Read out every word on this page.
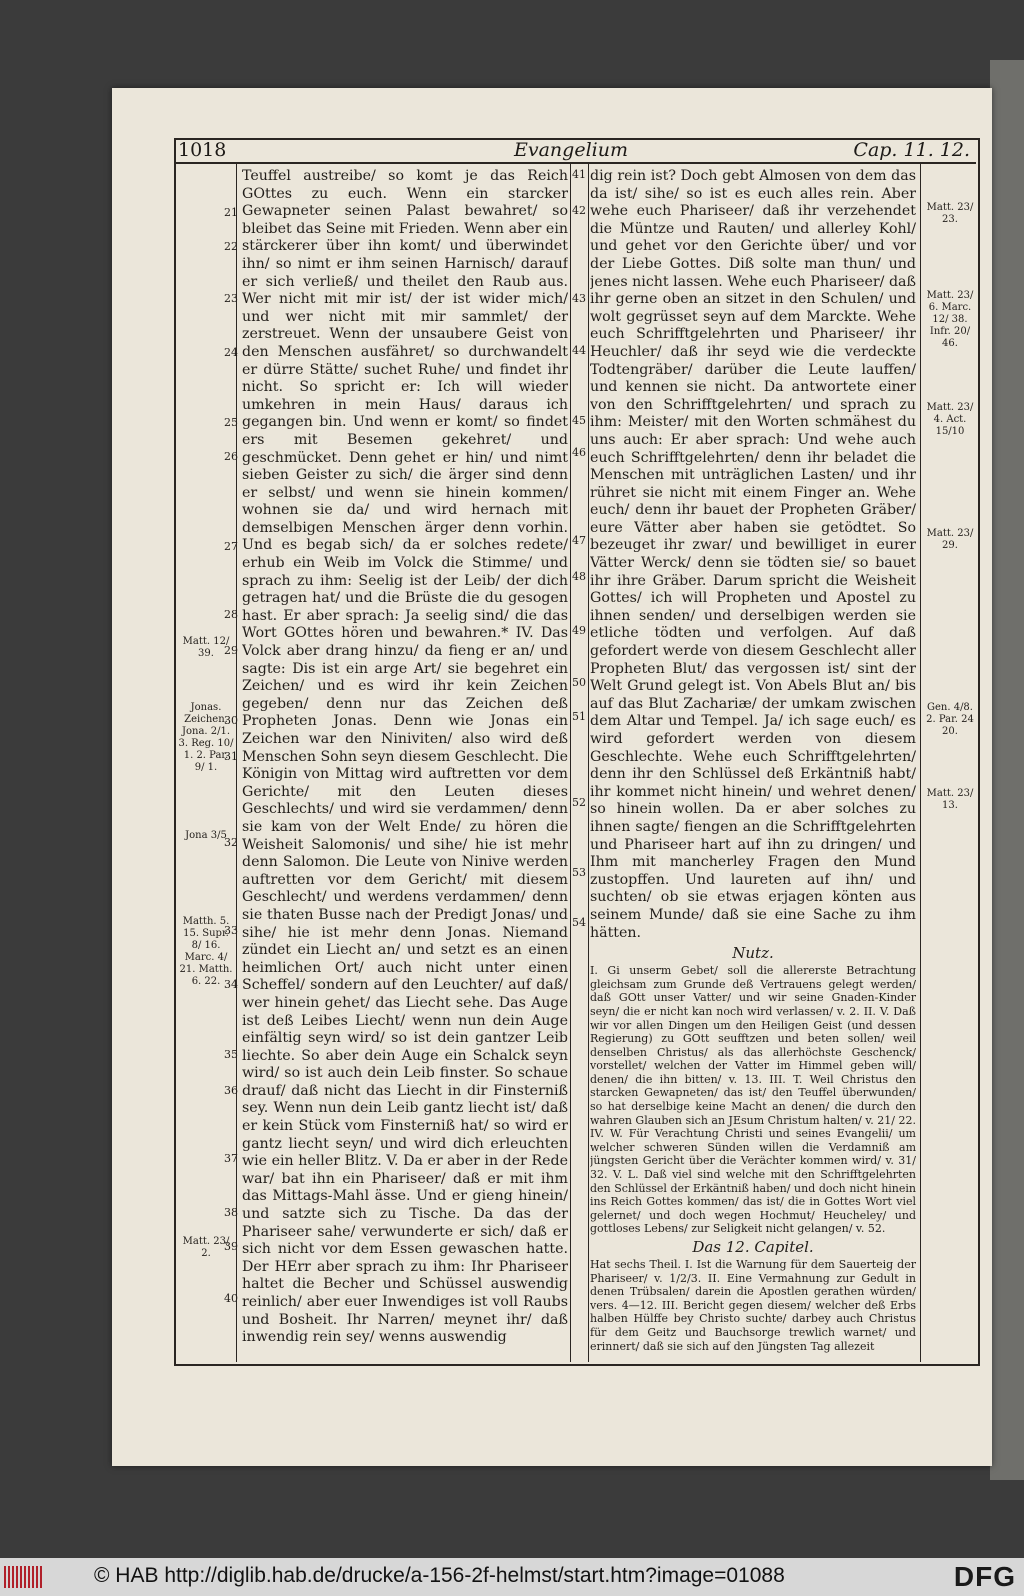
1018	Evangelium	Cap. 11. 12.
21
22
23
24
25
26
27
28
29
30
31
32
33
34
35
36
37
38
39
40
41
42
43
44
45
46
47
48
49
50
51
52
53
54
Matt. 12/ 39.
Jonas. Zeichen. Jona. 2/1. 3. Reg. 10/ 1. 2. Par. 9/ 1.
Jona 3/5
Matth. 5. 15. Supr. 8/ 16. Marc. 4/ 21. Matth. 6. 22.
Matt. 23/ 2.
Matt. 23/ 23.
Matt. 23/ 6. Marc. 12/ 38. Infr. 20/ 46.
Matt. 23/ 4. Act. 15/10
Matt. 23/ 29.
Gen. 4/8. 2. Par. 24 20.
Matt. 23/ 13.

Teuffel austreibe/ so komt je das Reich GOttes zu euch. Wenn ein starcker Gewapneter seinen Palast bewahret/ so bleibet das Seine mit Frieden. Wenn aber ein stärckerer über ihn komt/ und überwindet ihn/ so nimt er ihm seinen Harnisch/ darauf er sich verließ/ und theilet den Raub aus. Wer nicht mit mir ist/ der ist wider mich/ und wer nicht mit mir sammlet/ der zerstreuet. Wenn der unsaubere Geist von den Menschen ausfähret/ so durchwandelt er dürre Stätte/ suchet Ruhe/ und findet ihr nicht. So spricht er: Ich will wieder umkehren in mein Haus/ daraus ich gegangen bin. Und wenn er komt/ so findet ers mit Besemen gekehret/ und geschmücket. Denn gehet er hin/ und nimt sieben Geister zu sich/ die ärger sind denn er selbst/ und wenn sie hinein kommen/ wohnen sie da/ und wird hernach mit demselbigen Menschen ärger denn vorhin. Und es begab sich/ da er solches redete/ erhub ein Weib im Volck die Stimme/ und sprach zu ihm: Seelig ist der Leib/ der dich getragen hat/ und die Brüste die du gesogen hast. Er aber sprach: Ja seelig sind/ die das Wort GOttes hören und bewahren.* IV. Das Volck aber drang hinzu/ da fieng er an/ und sagte: Dis ist ein arge Art/ sie begehret ein Zeichen/ und es wird ihr kein Zeichen gegeben/ denn nur das Zeichen deß Propheten Jonas. Denn wie Jonas ein Zeichen war den Niniviten/ also wird deß Menschen Sohn seyn diesem Geschlecht. Die Königin von Mittag wird auftretten vor dem Gerichte/ mit den Leuten dieses Geschlechts/ und wird sie verdammen/ denn sie kam von der Welt Ende/ zu hören die Weisheit Salomonis/ und sihe/ hie ist mehr denn Salomon. Die Leute von Ninive werden auftretten vor dem Gericht/ mit diesem Geschlecht/ und werdens verdammen/ denn sie thaten Busse nach der Predigt Jonas/ und sihe/ hie ist mehr denn Jonas. Niemand zündet ein Liecht an/ und setzt es an einen heimlichen Ort/ auch nicht unter einen Scheffel/ sondern auf den Leuchter/ auf daß/ wer hinein gehet/ das Liecht sehe. Das Auge ist deß Leibes Liecht/ wenn nun dein Auge einfältig seyn wird/ so ist dein gantzer Leib liechte. So aber dein Auge ein Schalck seyn wird/ so ist auch dein Leib finster. So schaue drauf/ daß nicht das Liecht in dir Finsterniß sey. Wenn nun dein Leib gantz liecht ist/ daß er kein Stück vom Finsterniß hat/ so wird er gantz liecht seyn/ und wird dich erleuchten wie ein heller Blitz. V. Da er aber in der Rede war/ bat ihn ein Phariseer/ daß er mit ihm das Mittags-Mahl ässe. Und er gieng hinein/ und satzte sich zu Tische. Da das der Phariseer sahe/ verwunderte er sich/ daß er sich nicht vor dem Essen gewaschen hatte. Der HErr aber sprach zu ihm: Ihr Phariseer haltet die Becher und Schüssel auswendig reinlich/ aber euer Inwendiges ist voll Raubs und Bosheit. Ihr Narren/ meynet ihr/ daß inwendig rein sey/ wenns auswendig

dig rein ist? Doch gebt Almosen von dem das da ist/ sihe/ so ist es euch alles rein. Aber wehe euch Phariseer/ daß ihr verzehendet die Müntze und Rauten/ und allerley Kohl/ und gehet vor den Gerichte über/ und vor der Liebe Gottes. Diß solte man thun/ und jenes nicht lassen. Wehe euch Phariseer/ daß ihr gerne oben an sitzet in den Schulen/ und wolt gegrüsset seyn auf dem Marckte. Wehe euch Schrifftgelehrten und Phariseer/ ihr Heuchler/ daß ihr seyd wie die verdeckte Todtengräber/ darüber die Leute lauffen/ und kennen sie nicht. Da antwortete einer von den Schrifftgelehrten/ und sprach zu ihm: Meister/ mit den Worten schmähest du uns auch: Er aber sprach: Und wehe auch euch Schrifftgelehrten/ denn ihr beladet die Menschen mit unträglichen Lasten/ und ihr rühret sie nicht mit einem Finger an. Wehe euch/ denn ihr bauet der Propheten Gräber/ eure Vätter aber haben sie getödtet. So bezeuget ihr zwar/ und bewilliget in eurer Vätter Werck/ denn sie tödten sie/ so bauet ihr ihre Gräber. Darum spricht die Weisheit Gottes/ ich will Propheten und Apostel zu ihnen senden/ und derselbigen werden sie etliche tödten und verfolgen. Auf daß gefordert werde von diesem Geschlecht aller Propheten Blut/ das vergossen ist/ sint der Welt Grund gelegt ist. Von Abels Blut an/ bis auf das Blut Zachariæ/ der umkam zwischen dem Altar und Tempel. Ja/ ich sage euch/ es wird gefordert werden von diesem Geschlechte. Wehe euch Schrifftgelehrten/ denn ihr den Schlüssel deß Erkäntniß habt/ ihr kommet nicht hinein/ und wehret denen/ so hinein wollen. Da er aber solches zu ihnen sagte/ fiengen an die Schrifftgelehrten und Phariseer hart auf ihn zu dringen/ und Ihm mit mancherley Fragen den Mund zustopffen. Und laureten auf ihn/ und suchten/ ob sie etwas erjagen könten aus seinem Munde/ daß sie eine Sache zu ihm hätten.

Nutz.

I. Gi unserm Gebet/ soll die allererste Betrachtung gleichsam zum Grunde deß Vertrauens gelegt werden/ daß GOtt unser Vatter/ und wir seine Gnaden-Kinder seyn/ die er nicht kan noch wird verlassen/ v. 2. II. V. Daß wir vor allen Dingen um den Heiligen Geist (und dessen Regierung) zu GOtt seufftzen und beten sollen/ weil denselben Christus/ als das allerhöchste Geschenck/ vorstellet/ welchen der Vatter im Himmel geben will/ denen/ die ihn bitten/ v. 13. III. T. Weil Christus den starcken Gewapneten/ das ist/ den Teuffel überwunden/ so hat derselbige keine Macht an denen/ die durch den wahren Glauben sich an JEsum Christum halten/ v. 21/ 22. IV. W. Für Verachtung Christi und seines Evangelii/ um welcher schweren Sünden willen die Verdamniß am jüngsten Gericht über die Verächter kommen wird/ v. 31/ 32. V. L. Daß viel sind welche mit den Schrifftgelehrten den Schlüssel der Erkäntniß haben/ und doch nicht hinein ins Reich Gottes kommen/ das ist/ die in Gottes Wort viel gelernet/ und doch wegen Hochmut/ Heucheley/ und gottloses Lebens/ zur Seligkeit nicht gelangen/ v. 52.

Das 12. Capitel.

Hat sechs Theil. I. Ist die Warnung für dem Sauerteig der Phariseer/ v. 1/2/3. II. Eine Vermahnung zur Gedult in denen Trübsalen/ darein die Apostlen gerathen würden/ vers. 4—12. III. Bericht gegen diesem/ welcher deß Erbs halben Hülffe bey Christo suchte/ darbey auch Christus für dem Geitz und Bauchsorge trewlich warnet/ und erinnert/ daß sie sich auf den Jüngsten Tag allezeit

© HAB http://diglib.hab.de/drucke/a-156-2f-helmst/start.htm?image=01088	DFG
